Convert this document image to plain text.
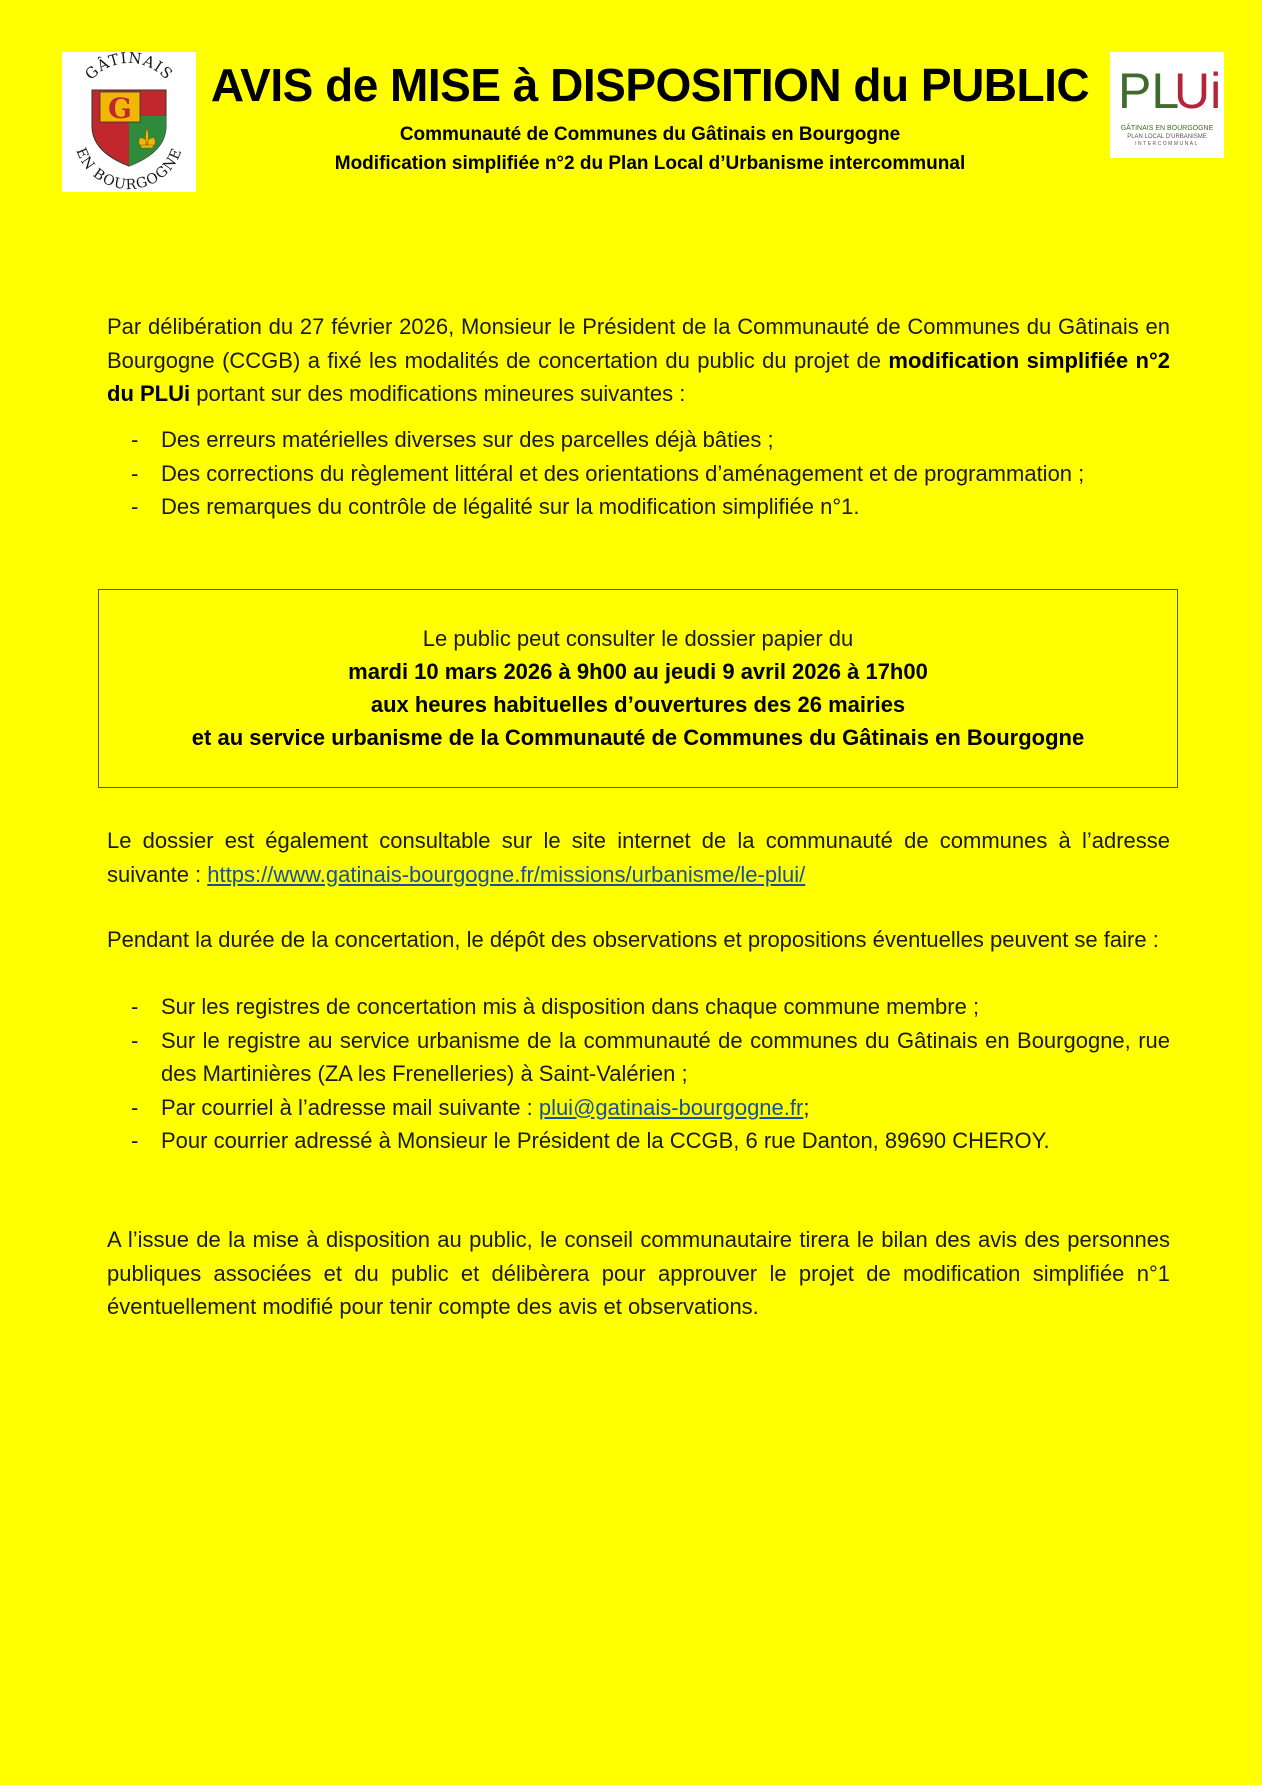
GÂTINAIS
EN BOURGOGNE
G	PL
Ui
GÂTINAIS EN BOURGOGNE
PLAN LOCAL D'URBANISME
INTERCOMMUNAL
AVIS de MISE à DISPOSITION du PUBLIC
Communauté de Communes du Gâtinais en Bourgogne
Modification simplifiée n°2 du Plan Local d’Urbanisme intercommunal

Par délibération du 27 février 2026, Monsieur le Président de la Communauté de Communes du Gâtinais en Bourgogne (CCGB) a fixé les modalités de concertation du public du projet de modification simplifiée n°2 du PLUi portant sur des modifications mineures suivantes :

- Des erreurs matérielles diverses sur des parcelles déjà bâties ;
- Des corrections du règlement littéral et des orientations d’aménagement et de programmation ;
- Des remarques du contrôle de légalité sur la modification simplifiée n°1.
Le public peut consulter le dossier papier du
mardi 10 mars 2026 à 9h00 au jeudi 9 avril 2026 à 17h00
aux heures habituelles d’ouvertures des 26 mairies
et au service urbanisme de la Communauté de Communes du Gâtinais en Bourgogne

Le dossier est également consultable sur le site internet de la communauté de communes à l’adresse suivante : https://www.gatinais-bourgogne.fr/missions/urbanisme/le-plui/

Pendant la durée de la concertation, le dépôt des observations et propositions éventuelles peuvent se faire :

- Sur les registres de concertation mis à disposition dans chaque commune membre ;
- Sur le registre au service urbanisme de la communauté de communes du Gâtinais en Bourgogne, rue des Martinières (ZA les Frenelleries) à Saint-Valérien ;
- Par courriel à l’adresse mail suivante : plui@gatinais-bourgogne.fr;
- Pour courrier adressé à Monsieur le Président de la CCGB, 6 rue Danton, 89690 CHEROY.

A l’issue de la mise à disposition au public, le conseil communautaire tirera le bilan des avis des personnes publiques associées et du public et délibèrera pour approuver le projet de modification simplifiée n°1 éventuellement modifié pour tenir compte des avis et observations.
